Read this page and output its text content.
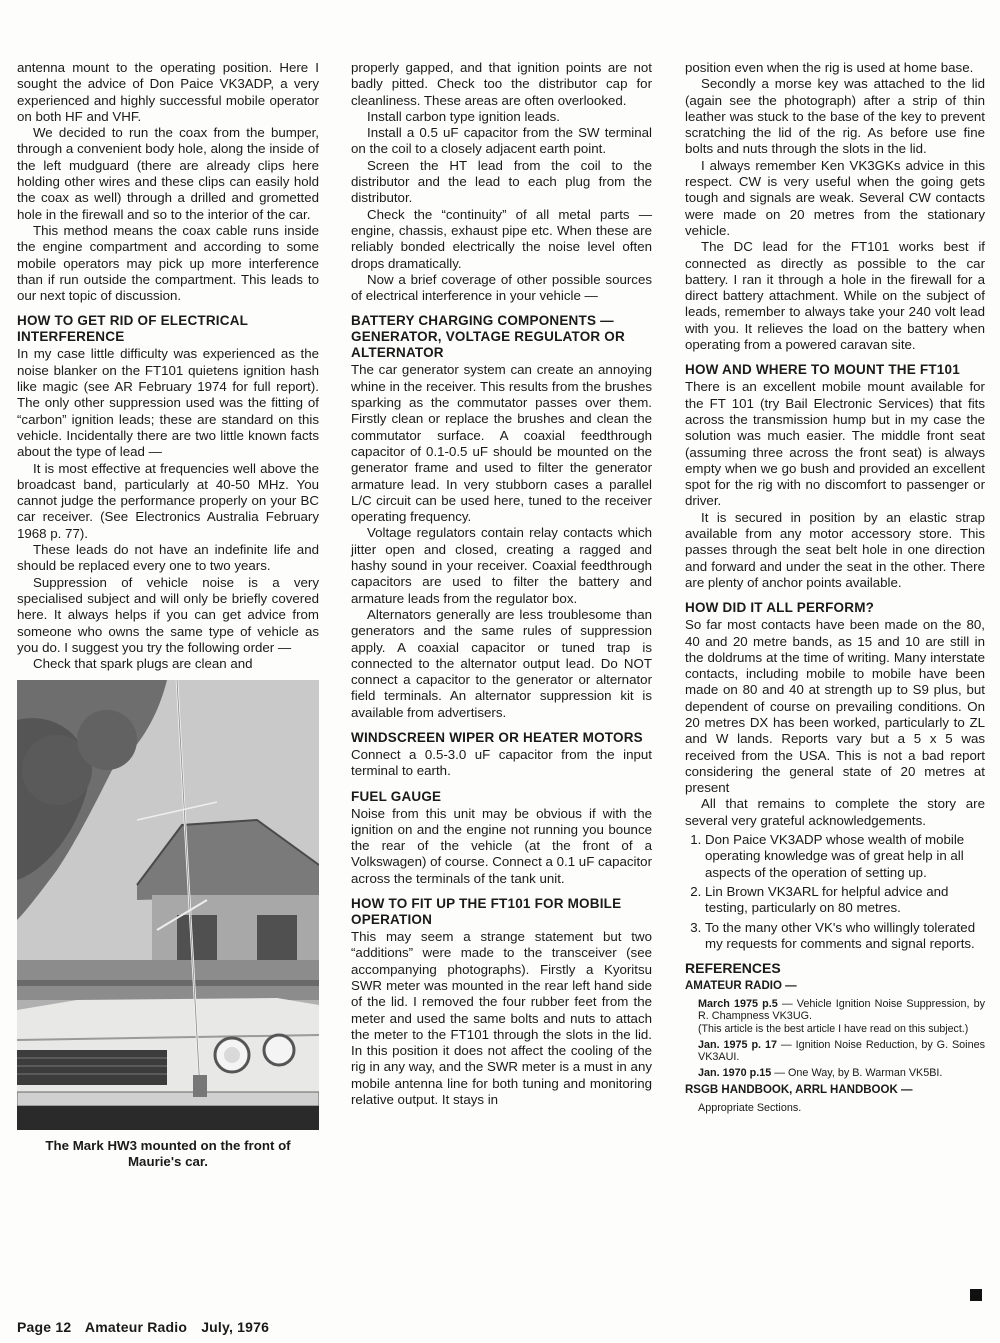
antenna mount to the operating position. Here I sought the advice of Don Paice VK3ADP, a very experienced and highly successful mobile operator on both HF and VHF.

We decided to run the coax from the bumper, through a convenient body hole, along the inside of the left mudguard (there are already clips here holding other wires and these clips can easily hold the coax as well) through a drilled and grometted hole in the firewall and so to the interior of the car.

This method means the coax cable runs inside the engine compartment and according to some mobile operators may pick up more interference than if run outside the compartment. This leads to our next topic of discussion.

HOW TO GET RID OF ELECTRICAL INTERFERENCE

In my case little difficulty was experienced as the noise blanker on the FT101 quietens ignition hash like magic (see AR February 1974 for full report). The only other suppression used was the fitting of “carbon” ignition leads; these are standard on this vehicle. Incidentally there are two little known facts about the type of lead —

It is most effective at frequencies well above the broadcast band, particularly at 40-50 MHz. You cannot judge the performance properly on your BC car receiver. (See Electronics Australia February 1968 p. 77).

These leads do not have an indefinite life and should be replaced every one to two years.

Suppression of vehicle noise is a very specialised subject and will only be briefly covered here. It always helps if you can get advice from someone who owns the same type of vehicle as you do. I suggest you try the following order —

Check that spark plugs are clean and

The Mark HW3 mounted on the front of Maurie's car.

properly gapped, and that ignition points are not badly pitted. Check too the distributor cap for cleanliness. These areas are often overlooked.

Install carbon type ignition leads.

Install a 0.5 uF capacitor from the SW terminal on the coil to a closely adjacent earth point.

Screen the HT lead from the coil to the distributor and the lead to each plug from the distributor.

Check the “continuity” of all metal parts — engine, chassis, exhaust pipe etc. When these are reliably bonded electrically the noise level often drops dramatically.

Now a brief coverage of other possible sources of electrical interference in your vehicle —

BATTERY CHARGING COMPONENTS — GENERATOR, VOLTAGE REGULATOR OR ALTERNATOR

The car generator system can create an annoying whine in the receiver. This results from the brushes sparking as the commutator passes over them. Firstly clean or replace the brushes and clean the commutator surface. A coaxial feedthrough capacitor of 0.1-0.5 uF should be mounted on the generator frame and used to filter the generator armature lead. In very stubborn cases a parallel L/C circuit can be used here, tuned to the receiver operating frequency.

Voltage regulators contain relay contacts which jitter open and closed, creating a ragged and hashy sound in your receiver. Coaxial feedthrough capacitors are used to filter the battery and armature leads from the regulator box.

Alternators generally are less troublesome than generators and the same rules of suppression apply. A coaxial capacitor or tuned trap is connected to the alternator output lead. Do NOT connect a capacitor to the generator or alternator field terminals. An alternator suppression kit is available from advertisers.

WINDSCREEN WIPER OR HEATER MOTORS

Connect a 0.5-3.0 uF capacitor from the input terminal to earth.

FUEL GAUGE

Noise from this unit may be obvious if with the ignition on and the engine not running you bounce the rear of the vehicle (at the front of a Volkswagen) of course. Connect a 0.1 uF capacitor across the terminals of the tank unit.

HOW TO FIT UP THE FT101 FOR MOBILE OPERATION

This may seem a strange statement but two “additions” were made to the transceiver (see accompanying photographs). Firstly a Kyoritsu SWR meter was mounted in the rear left hand side of the lid. I removed the four rubber feet from the meter and used the same bolts and nuts to attach the meter to the FT101 through the slots in the lid. In this position it does not affect the cooling of the rig in any way, and the SWR meter is a must in any mobile antenna line for both tuning and monitoring relative output. It stays in

position even when the rig is used at home base.

Secondly a morse key was attached to the lid (again see the photograph) after a strip of thin leather was stuck to the base of the key to prevent scratching the lid of the rig. As before use fine bolts and nuts through the slots in the lid.

I always remember Ken VK3GKs advice in this respect. CW is very useful when the going gets tough and signals are weak. Several CW contacts were made on 20 metres from the stationary vehicle.

The DC lead for the FT101 works best if connected as directly as possible to the car battery. I ran it through a hole in the firewall for a direct battery attachment. While on the subject of leads, remember to always take your 240 volt lead with you. It relieves the load on the battery when operating from a powered caravan site.

HOW AND WHERE TO MOUNT THE FT101

There is an excellent mobile mount available for the FT 101 (try Bail Electronic Services) that fits across the transmission hump but in my case the solution was much easier. The middle front seat (assuming three across the front seat) is always empty when we go bush and provided an excellent spot for the rig with no discomfort to passenger or driver.

It is secured in position by an elastic strap available from any motor accessory store. This passes through the seat belt hole in one direction and forward and under the seat in the other. There are plenty of anchor points available.

HOW DID IT ALL PERFORM?

So far most contacts have been made on the 80, 40 and 20 metre bands, as 15 and 10 are still in the doldrums at the time of writing. Many interstate contacts, including mobile to mobile have been made on 80 and 40 at strength up to S9 plus, but dependent of course on prevailing conditions. On 20 metres DX has been worked, particularly to ZL and W lands. Reports vary but a 5 x 5 was received from the USA. This is not a bad report considering the general state of 20 metres at present

All that remains to complete the story are several very grateful acknowledgements.

1. Don Paice VK3ADP whose wealth of mobile operating knowledge was of great help in all aspects of the operation of setting up.
2. Lin Brown VK3ARL for helpful advice and testing, particularly on 80 metres.
3. To the many other VK's who willingly tolerated my requests for comments and signal reports.
REFERENCES
AMATEUR RADIO —

March 1975 p.5 — Vehicle Ignition Noise Suppression, by R. Champness VK3UG.
(This article is the best article I have read on this subject.)

Jan. 1975 p. 17 — Ignition Noise Reduction, by G. Soines VK3AUI.

Jan. 1970 p.15 — One Way, by B. Warman VK5BI.

RSGB HANDBOOK, ARRL HANDBOOK —

Appropriate Sections.

Page 12 Amateur Radio July, 1976
